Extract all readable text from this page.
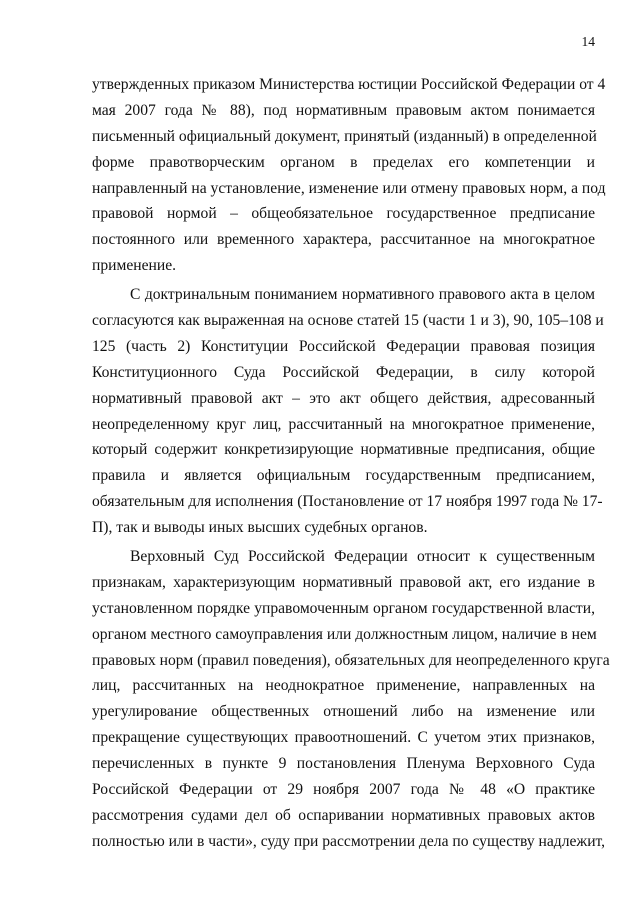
14
утвержденных приказом Министерства юстиции Российской Федерации от 4
мая 2007 года № 88), под нормативным правовым актом понимается
письменный официальный документ, принятый (изданный) в определенной
форме правотворческим органом в пределах его компетенции и
направленный на установление, изменение или отмену правовых норм, а под
правовой нормой – общеобязательное государственное предписание
постоянного или временного характера, рассчитанное на многократное
применение.
С доктринальным пониманием нормативного правового акта в целом
согласуются как выраженная на основе статей 15 (части 1 и 3), 90, 105–108 и
125 (часть 2) Конституции Российской Федерации правовая позиция
Конституционного Суда Российской Федерации, в силу которой
нормативный правовой акт – это акт общего действия, адресованный
неопределенному круг лиц, рассчитанный на многократное применение,
который содержит конкретизирующие нормативные предписания, общие
правила и является официальным государственным предписанием,
обязательным для исполнения (Постановление от 17 ноября 1997 года № 17-
П), так и выводы иных высших судебных органов.
Верховный Суд Российской Федерации относит к существенным
признакам, характеризующим нормативный правовой акт, его издание в
установленном порядке управомоченным органом государственной власти,
органом местного самоуправления или должностным лицом, наличие в нем
правовых норм (правил поведения), обязательных для неопределенного круга
лиц, рассчитанных на неоднократное применение, направленных на
урегулирование общественных отношений либо на изменение или
прекращение существующих правоотношений. С учетом этих признаков,
перечисленных в пункте 9 постановления Пленума Верховного Суда
Российской Федерации от 29 ноября 2007 года № 48 «О практике
рассмотрения судами дел об оспаривании нормативных правовых актов
полностью или в части», суду при рассмотрении дела по существу надлежит,
